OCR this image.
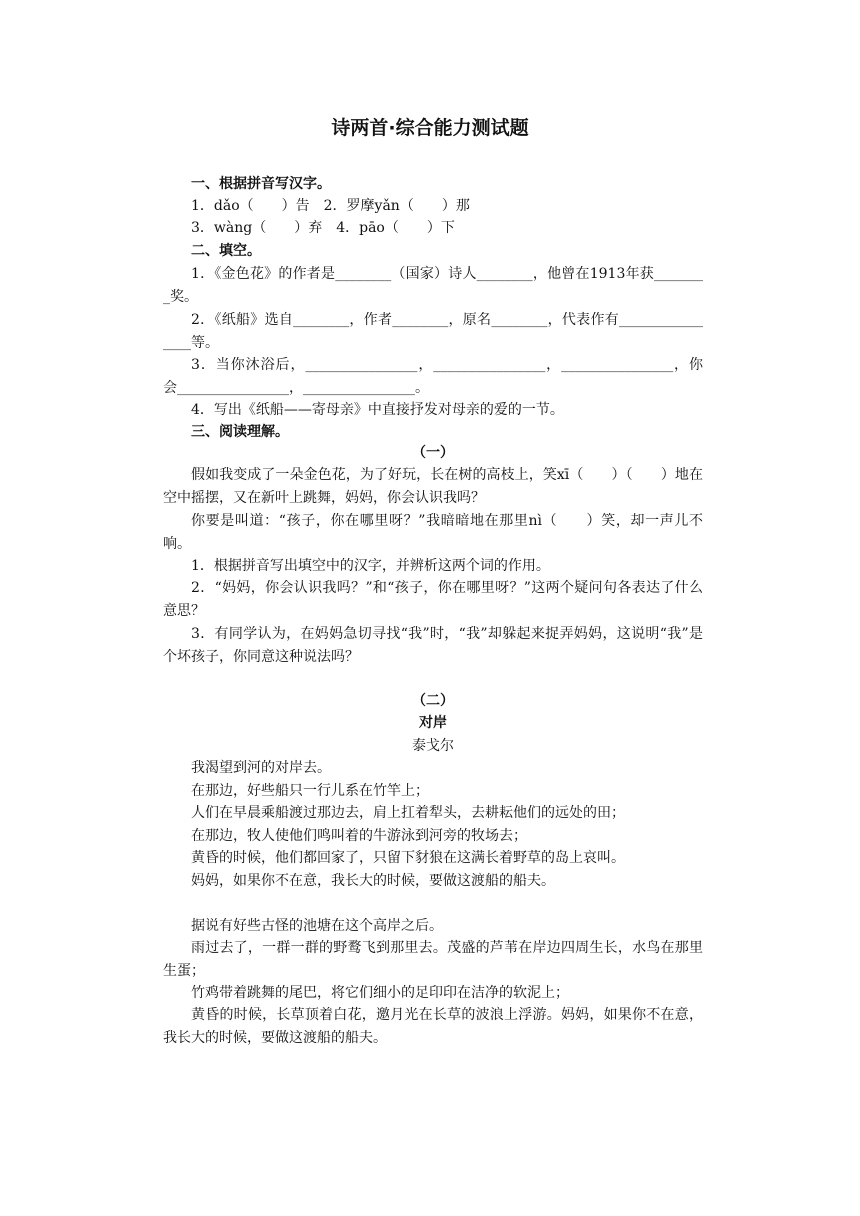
诗两首·综合能力测试题
一、根据拼音写汉字。
1．dǎo（　　）告　2．罗摩yǎn（　　）那
3．wàng（　　）弃　4．pāo（　　）下
二、填空。
1．《金色花》的作者是________（国家）诗人________，他曾在1913年获________奖。
2．《纸船》选自________，作者________，原名________，代表作有________________等。
3．当你沐浴后，________________，________________，________________，你会________________，________________。
4．写出《纸船——寄母亲》中直接抒发对母亲的爱的一节。
三、阅读理解。
（一）
假如我变成了一朵金色花，为了好玩，长在树的高枝上，笑xī（　　）（　　）地在空中摇摆，又在新叶上跳舞，妈妈，你会认识我吗？
你要是叫道：“孩子，你在哪里呀？”我暗暗地在那里nì（　　）笑，却一声儿不响。
1．根据拼音写出填空中的汉字，并辨析这两个词的作用。
2．“妈妈，你会认识我吗？”和“孩子，你在哪里呀？”这两个疑问句各表达了什么意思？
3．有同学认为，在妈妈急切寻找“我”时，“我”却躲起来捉弄妈妈，这说明“我”是个坏孩子，你同意这种说法吗？
（二）
对岸
泰戈尔
我渴望到河的对岸去。
在那边，好些船只一行儿系在竹竿上；
人们在早晨乘船渡过那边去，肩上扛着犁头，去耕耘他们的远处的田；
在那边，牧人使他们鸣叫着的牛游泳到河旁的牧场去；
黄昏的时候，他们都回家了，只留下豺狼在这满长着野草的岛上哀叫。
妈妈，如果你不在意，我长大的时候，要做这渡船的船夫。
据说有好些古怪的池塘在这个高岸之后。
雨过去了，一群一群的野鹜飞到那里去。茂盛的芦苇在岸边四周生长，水鸟在那里生蛋；
竹鸡带着跳舞的尾巴，将它们细小的足印印在洁净的软泥上；
黄昏的时候，长草顶着白花，邀月光在长草的波浪上浮游。妈妈，如果你不在意，我长大的时候，要做这渡船的船夫。
